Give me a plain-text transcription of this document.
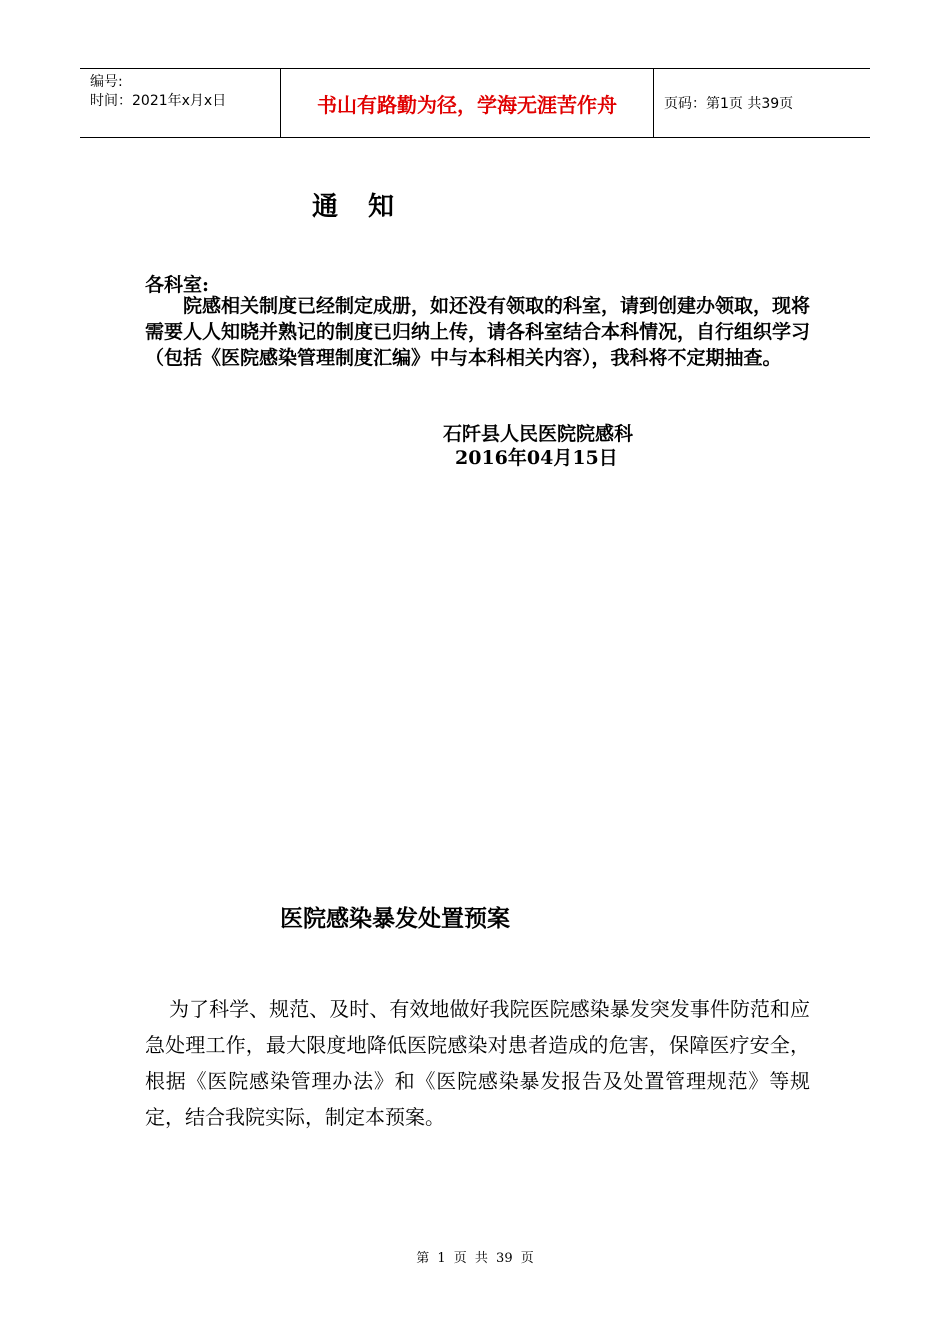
编号:
时间：2021年x月x日	书山有路勤为径，学海无涯苦作舟	页码：第1页 共39页
通知
各科室:

院感相关制度已经制定成册，如还没有领取的科室，请到创建办领取，现将需要人人知晓并熟记的制度已归纳上传，请各科室结合本科情况，自行组织学习（包括《医院感染管理制度汇编》中与本科相关内容），我科将不定期抽查。

石阡县人民医院院感科
2016年04月15日
医院感染暴发处置预案

为了科学、规范、及时、有效地做好我院医院感染暴发突发事件防范和应急处理工作，最大限度地降低医院感染对患者造成的危害，保障医疗安全，根据《医院感染管理办法》和《医院感染暴发报告及处置管理规范》等规定，结合我院实际，制定本预案。

第 1 页 共 39 页
